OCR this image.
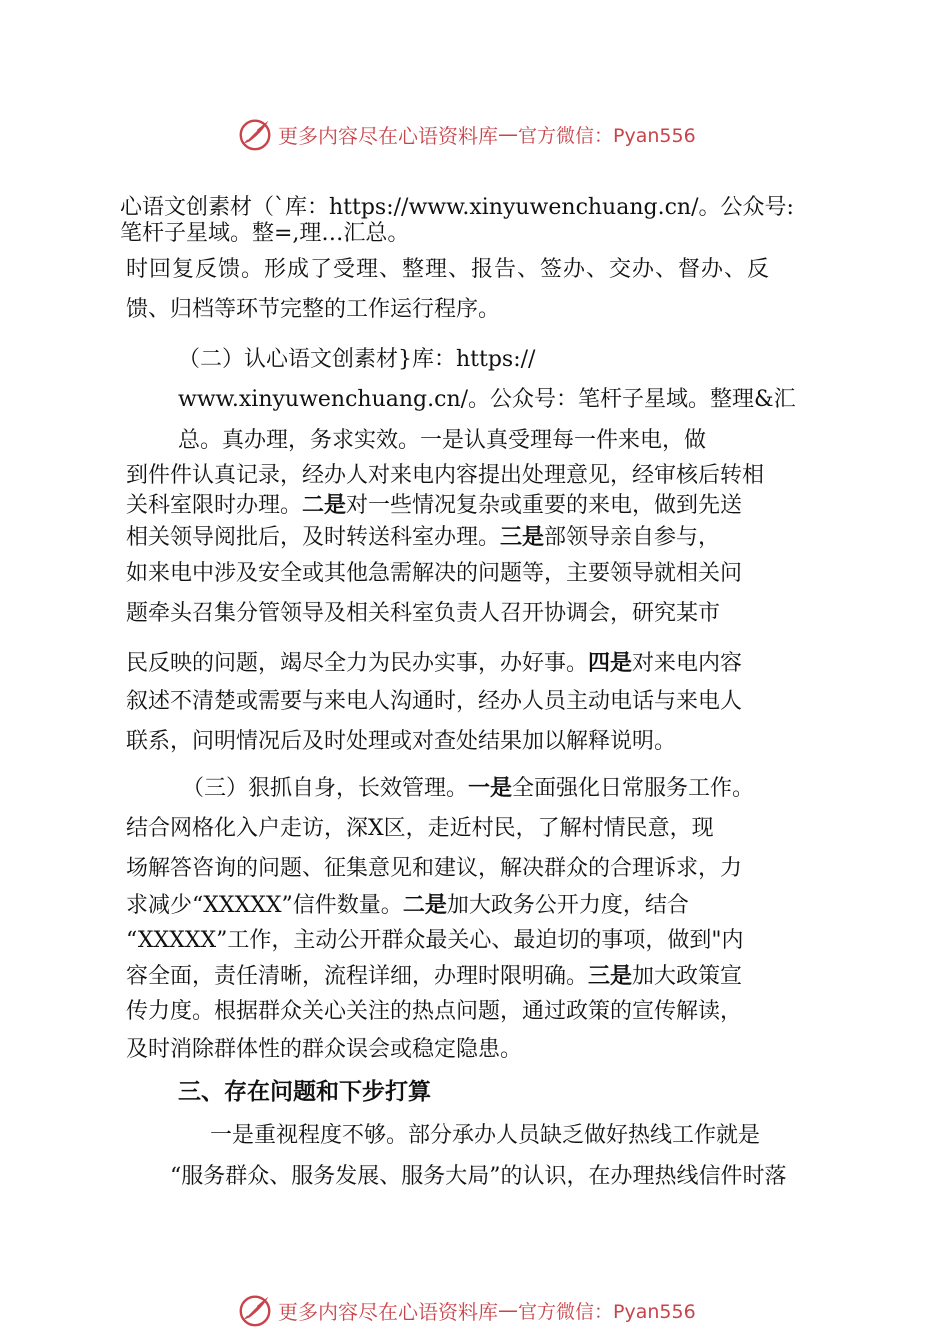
更多内容尽在心语资料库 — 官方微信：Pyan556
心语文创素材（`库：https://www.xinyuwenchuang.cn/。公众号:
笔杆子星域。整=,理…汇总。
时回复反馈。形成了受理、整理、报告、签办、交办、督办、反
馈、归档等环节完整的工作运行程序。
（二）认心语文创素材}库：https://
www.xinyuwenchuang.cn/。公众号：笔杆子星域。整理&汇
总。真办理，务求实效。一是认真受理每一件来电，做
到件件认真记录，经办人对来电内容提出处理意见，经审核后转相
关科室限时办理。二是对一些情况复杂或重要的来电，做到先送
相关领导阅批后，及时转送科室办理。三是部领导亲自参与，
如来电中涉及安全或其他急需解决的问题等，主要领导就相关问
题牵头召集分管领导及相关科室负责人召开协调会，研究某市
民反映的问题，竭尽全力为民办实事，办好事。四是对来电内容
叙述不清楚或需要与来电人沟通时，经办人员主动电话与来电人
联系，问明情况后及时处理或对查处结果加以解释说明。
（三）狠抓自身，长效管理。一是全面强化日常服务工作。
结合网格化入户走访，深X区，走近村民，了解村情民意，现
场解答咨询的问题、征集意见和建议，解决群众的合理诉求，力
求减少“XXXXX”信件数量。二是加大政务公开力度，结合
“XXXXX”工作，主动公开群众最关心、最迫切的事项，做到"内
容全面，责任清晰，流程详细，办理时限明确。三是加大政策宣
传力度。根据群众关心关注的热点问题，通过政策的宣传解读，
及时消除群体性的群众误会或稳定隐患。
三、存在问题和下步打算
一是重视程度不够。部分承办人员缺乏做好热线工作就是
“服务群众、服务发展、服务大局”的认识，在办理热线信件时落
更多内容尽在心语资料库 — 官方微信：Pyan556
